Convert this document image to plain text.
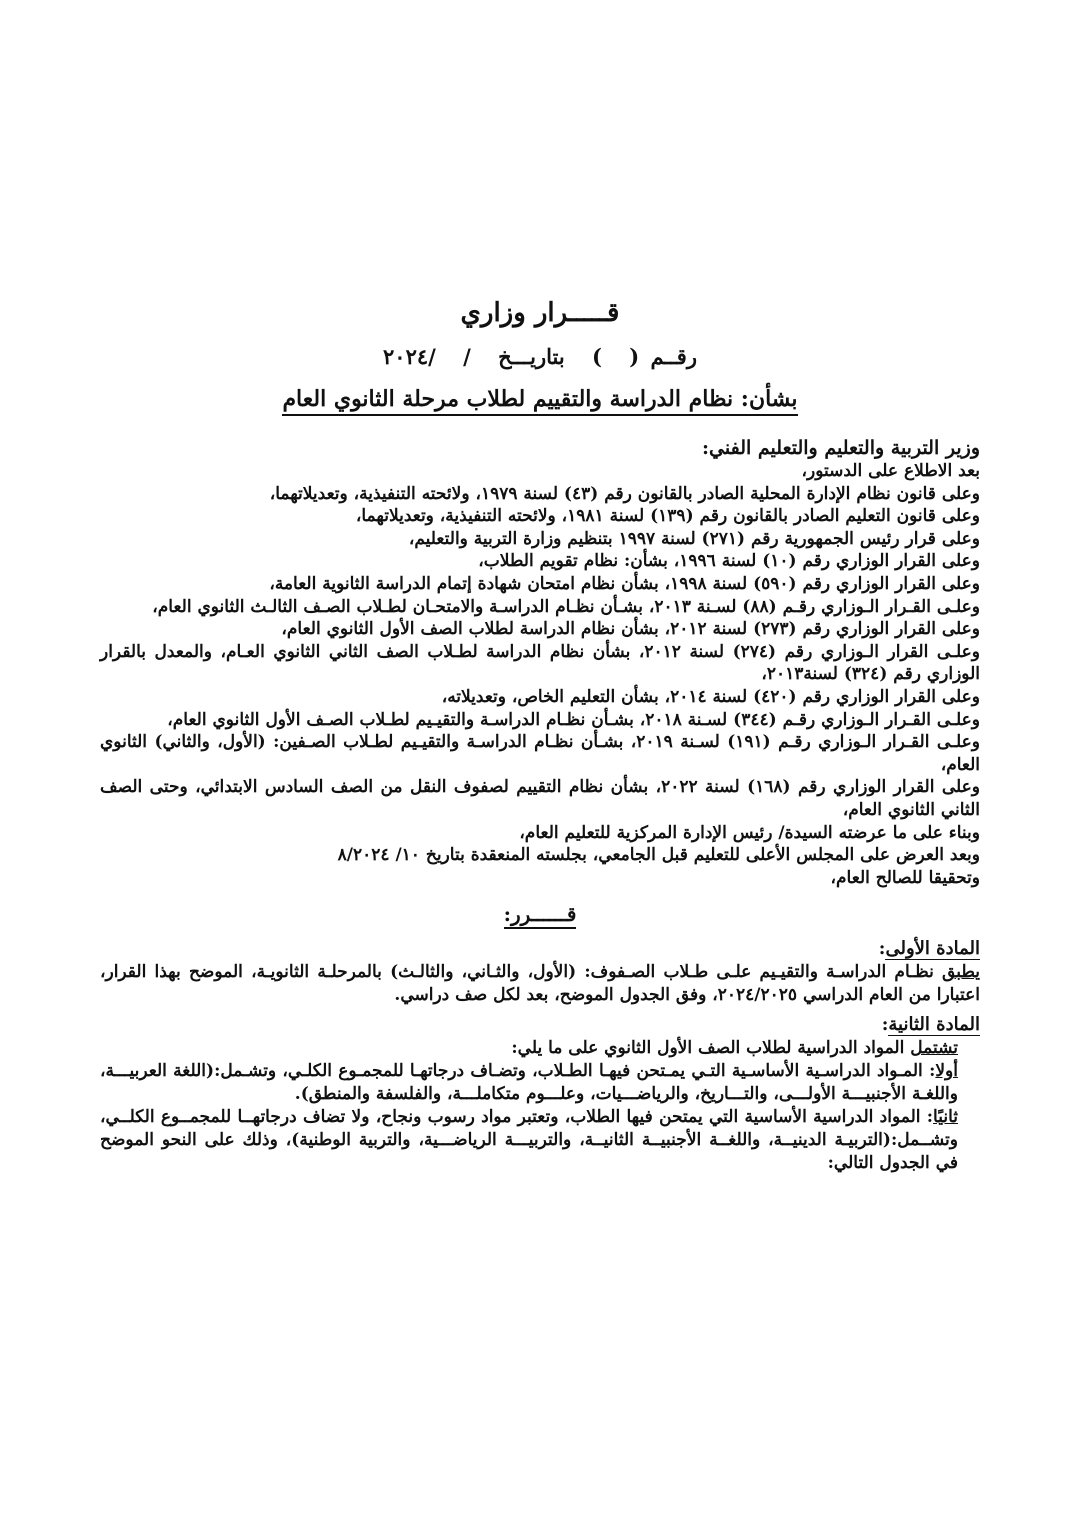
قـــــرار وزاري
رقــم ( ) بتاريـــخ / /٢٠٢٤
بشأن: نظام الدراسة والتقييم لطلاب مرحلة الثانوي العام
وزير التربية والتعليم والتعليم الفني:

بعد الاطلاع على الدستور،

وعلى قانون نظام الإدارة المحلية الصادر بالقانون رقم (٤٣) لسنة ١٩٧٩، ولائحته التنفيذية، وتعديلاتهما،

وعلى قانون التعليم الصادر بالقانون رقم (١٣٩) لسنة ١٩٨١، ولائحته التنفيذية، وتعديلاتهما،

وعلى قرار رئيس الجمهورية رقم (٢٧١) لسنة ١٩٩٧ بتنظيم وزارة التربية والتعليم،

وعلى القرار الوزاري رقم (١٠) لسنة ١٩٩٦، بشأن: نظام تقويم الطلاب،

وعلى القرار الوزاري رقم (٥٩٠) لسنة ١٩٩٨، بشأن نظام امتحان شهادة إتمام الدراسة الثانوية العامة،

وعلـى القـرار الـوزاري رقـم (٨٨) لسـنة ٢٠١٣، بشـأن نظـام الدراسـة والامتحـان لطـلاب الصـف الثالـث الثانوي العام،

وعلى القرار الوزاري رقم (٢٧٣) لسنة ٢٠١٢، بشأن نظام الدراسة لطلاب الصف الأول الثانوي العام،

وعلـى القرار الـوزاري رقم (٢٧٤) لسنة ٢٠١٢، بشأن نظام الدراسة لطـلاب الصف الثاني الثانوي العـام، والمعدل بالقرار الوزاري رقم (٣٢٤) لسنة٢٠١٣،

وعلى القرار الوزاري رقم (٤٢٠) لسنة ٢٠١٤، بشأن التعليم الخاص، وتعديلاته،

وعلـى القـرار الـوزاري رقـم (٣٤٤) لسـنة ٢٠١٨، بشـأن نظـام الدراسـة والتقيـيم لطـلاب الصـف الأول الثانوي العام،

وعلـى القـرار الـوزاري رقـم (١٩١) لسـنة ٢٠١٩، بشـأن نظـام الدراسـة والتقيـيم لطـلاب الصـفين: (الأول، والثاني) الثانوي العام،

وعلى القرار الوزاري رقم (١٦٨) لسنة ٢٠٢٢، بشأن نظام التقييم لصفوف النقل من الصف السادس الابتدائي، وحتى الصف الثاني الثانوي العام،

وبناء على ما عرضته السيدة/ رئيس الإدارة المركزية للتعليم العام،

وبعد العرض على المجلس الأعلى للتعليم قبل الجامعي، بجلسته المنعقدة بتاريخ ١٠/ ٨/٢٠٢٤

وتحقيقا للصالح العام،

قــــــرر:
المادة الأولى:

يطبق نظـام الدراسـة والتقيـيم علـى طـلاب الصـفوف: (الأول، والثـاني، والثالـث) بالمرحلـة الثانويـة، الموضح بهذا القرار، اعتبارا من العام الدراسي ٢٠٢٤/٢٠٢٥، وفق الجدول الموضح، بعد لكل صف دراسي.

المادة الثانية:

تشتمل المواد الدراسية لطلاب الصف الأول الثانوي على ما يلي:

أولا: المـواد الدراسـية الأساسـية التـي يمـتحن فيهـا الطـلاب، وتضـاف درجاتهـا للمجمـوع الكلـي، وتشـمل:(اللغة العربيـــة، واللغـة الأجنبيـــة الأولـــى، والتـــاريخ، والرياضـــيات، وعلـــوم متكاملـــة، والفلسفة والمنطق).

ثانيًا: المواد الدراسية الأساسية التي يمتحن فيها الطلاب، وتعتبر مواد رسوب ونجاح، ولا تضاف درجاتهــا للمجمــوع الكلــي، وتشــمل:(التربيـة الدينيــة، واللغــة الأجنبيــة الثانيــة، والتربيـــة الرياضـــية، والتربية الوطنية)، وذلك على النحو الموضح في الجدول التالي:
